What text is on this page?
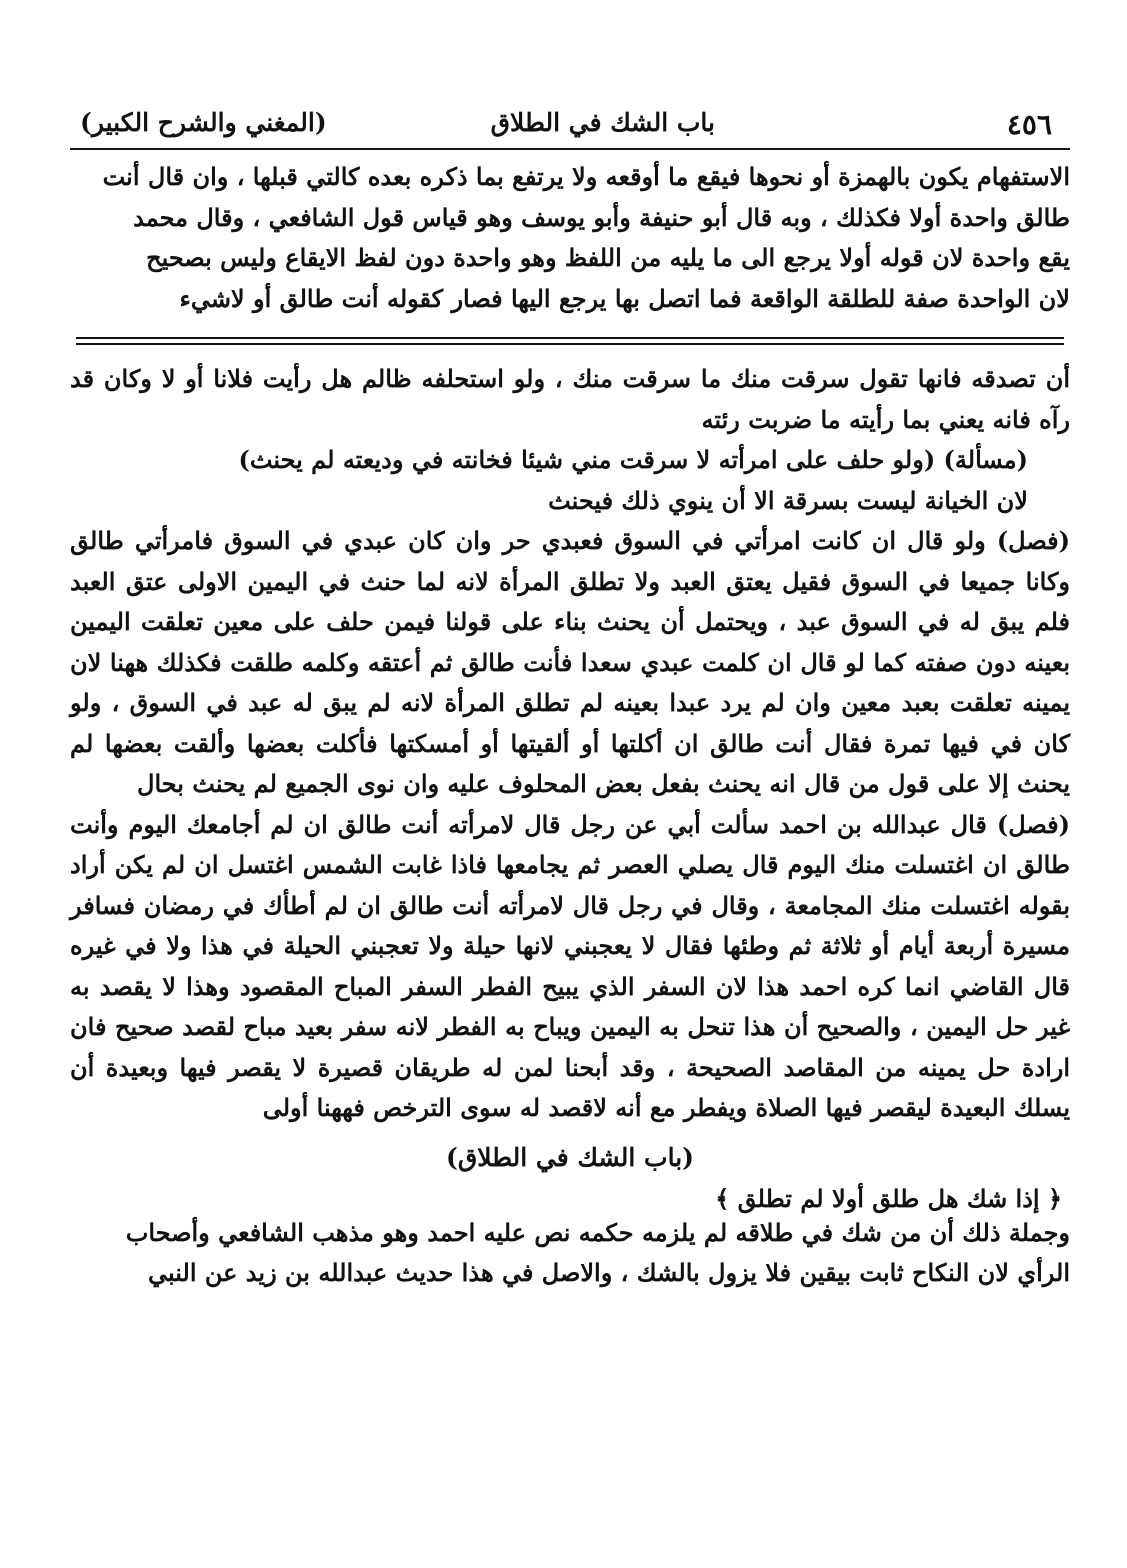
٤٥٦
باب الشك في الطلاق
(المغني والشرح الكبير)
الاستفهام يكون بالهمزة أو نحوها فيقع ما أوقعه ولا يرتفع بما ذكره بعده كالتي قبلها ، وان قال أنت
طالق واحدة أولا فكذلك ، وبه قال أبو حنيفة وأبو يوسف وهو قياس قول الشافعي ، وقال محمد
يقع واحدة لان قوله أولا يرجع الى ما يليه من اللفظ وهو واحدة دون لفظ الايقاع وليس بصحيح
لان الواحدة صفة للطلقة الواقعة فما اتصل بها يرجع اليها فصار كقوله أنت طالق أو لاشيء

أن تصدقه فانها تقول سرقت منك ما سرقت منك ، ولو استحلفه ظالم هل رأيت فلانا أو لا وكان قد رآه فانه يعني بما رأيته ما ضربت رئته

(مسألة) (ولو حلف على امرأته لا سرقت مني شيئا فخانته في وديعته لم يحنث)
لان الخيانة ليست بسرقة الا أن ينوي ذلك فيحنث

(فصل) ولو قال ان كانت امرأتي في السوق فعبدي حر وان كان عبدي في السوق فامرأتي طالق وكانا جميعا في السوق فقيل يعتق العبد ولا تطلق المرأة لانه لما حنث في اليمين الاولى عتق العبد فلم يبق له في السوق عبد ، ويحتمل أن يحنث بناء على قولنا فيمن حلف على معين تعلقت اليمين بعينه دون صفته كما لو قال ان كلمت عبدي سعدا فأنت طالق ثم أعتقه وكلمه طلقت فكذلك ههنا لان يمينه تعلقت بعبد معين وان لم يرد عبدا بعينه لم تطلق المرأة لانه لم يبق له عبد في السوق ، ولو كان في فيها تمرة فقال أنت طالق ان أكلتها أو ألقيتها أو أمسكتها فأكلت بعضها وألقت بعضها لم يحنث إلا على قول من قال انه يحنث بفعل بعض المحلوف عليه وان نوى الجميع لم يحنث بحال

(فصل) قال عبدالله بن احمد سألت أبي عن رجل قال لامرأته أنت طالق ان لم أجامعك اليوم وأنت طالق ان اغتسلت منك اليوم قال يصلي العصر ثم يجامعها فاذا غابت الشمس اغتسل ان لم يكن أراد بقوله اغتسلت منك المجامعة ، وقال في رجل قال لامرأته أنت طالق ان لم أطأك في رمضان فسافر مسيرة أربعة أيام أو ثلاثة ثم وطئها فقال لا يعجبني لانها حيلة ولا تعجبني الحيلة في هذا ولا في غيره قال القاضي انما كره احمد هذا لان السفر الذي يبيح الفطر السفر المباح المقصود وهذا لا يقصد به غير حل اليمين ، والصحيح أن هذا تنحل به اليمين ويباح به الفطر لانه سفر بعيد مباح لقصد صحيح فان ارادة حل يمينه من المقاصد الصحيحة ، وقد أبحنا لمن له طريقان قصيرة لا يقصر فيها وبعيدة أن يسلك البعيدة ليقصر فيها الصلاة ويفطر مع أنه لاقصد له سوى الترخص فههنا أولى

(باب الشك في الطلاق)
﴿ إذا شك هل طلق أولا لم تطلق ﴾
وجملة ذلك أن من شك في طلاقه لم يلزمه حكمه نص عليه احمد وهو مذهب الشافعي وأصحاب
الرأي لان النكاح ثابت بيقين فلا يزول بالشك ، والاصل في هذا حديث عبدالله بن زيد عن النبي
